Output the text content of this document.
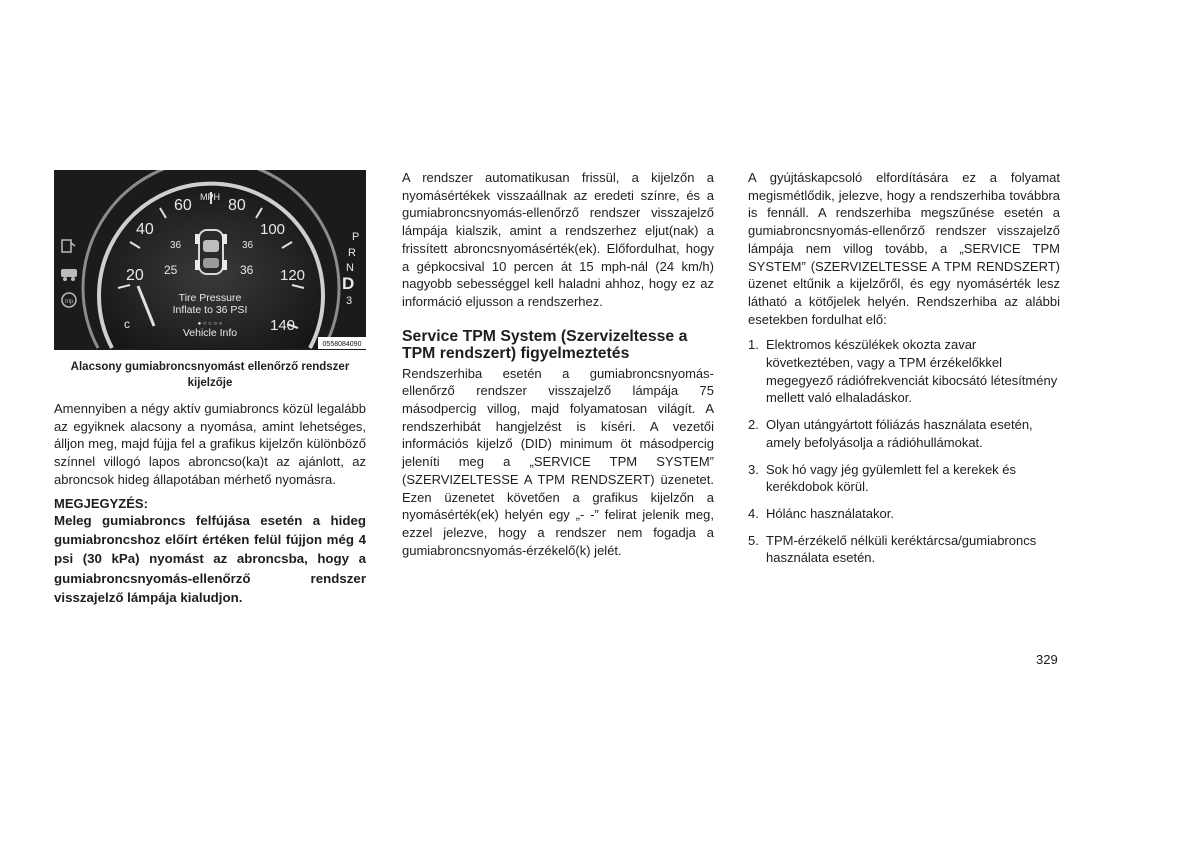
20
40
60 80
100
120
140
MPH
36	36
25	36
Tire Pressure
Inflate to 36 PSI
● ○ ○ ○ ○
Vehicle Info
c
trip
P
R
N
D
3
0558084090
Alacsony gumiabroncsnyomást ellenőrző rendszer kijelzője

Amennyiben a négy aktív gumiabroncs közül legalább az egyiknek alacsony a nyomása, amint lehetséges, álljon meg, majd fújja fel a grafikus kijelzőn különböző színnel villogó lapos abroncso(ka)t az ajánlott, az abroncsok hideg állapotában mérhető nyomásra.

MEGJEGYZÉS:

Meleg gumiabroncs felfújása esetén a hideg gumiabroncshoz előírt értéken felül fújjon még 4 psi (30 kPa) nyomást az abroncsba, hogy a gumiabroncsnyomás-ellenőrző rendszer visszajelző lámpája kialudjon.

A rendszer automatikusan frissül, a kijelzőn a nyomásértékek visszaállnak az eredeti színre, és a gumiabroncsnyomás-ellenőrző rendszer visszajelző lámpája kialszik, amint a rendszerhez eljut(nak) a frissített abroncsnyomásérték(ek). Előfordulhat, hogy a gépkocsival 10 percen át 15 mph-nál (24 km/h) nagyobb sebességgel kell haladni ahhoz, hogy ez az információ eljusson a rendszerhez.

Service TPM System (Szervizeltesse a TPM rendszert) figyelmeztetés

Rendszerhiba esetén a gumiabroncsnyomás-ellenőrző rendszer visszajelző lámpája 75 másodpercig villog, majd folyamatosan világít. A rendszerhibát hangjelzést is kíséri. A vezetői információs kijelző (DID) minimum öt másodpercig jeleníti meg a „SERVICE TPM SYSTEM” (SZERVIZELTESSE A TPM RENDSZERT) üzenetet. Ezen üzenetet követően a grafikus kijelzőn a nyomásérték(ek) helyén egy „- -” felirat jelenik meg, ezzel jelezve, hogy a rendszer nem fogadja a gumiabroncsnyomás-érzékelő(k) jelét.

A gyújtáskapcsoló elfordítására ez a folyamat megismétlődik, jelezve, hogy a rendszerhiba továbbra is fennáll. A rendszerhiba megszűnése esetén a gumiabroncsnyomás-ellenőrző rendszer visszajelző lámpája nem villog tovább, a „SERVICE TPM SYSTEM” (SZERVIZELTESSE A TPM RENDSZERT) üzenet eltűnik a kijelzőről, és egy nyomásérték lesz látható a kötőjelek helyén. Rendszerhiba az alábbi esetekben fordulhat elő:

1. Elektromos készülékek okozta zavar következtében, vagy a TPM érzékelőkkel megegyező rádiófrekvenciát kibocsátó létesítmény mellett való elhaladáskor.
2. Olyan utángyártott fóliázás használata esetén, amely befolyásolja a rádióhullámokat.
3. Sok hó vagy jég gyülemlett fel a kerekek és kerékdobok körül.
4. Hólánc használatakor.
5. TPM-érzékelő nélküli keréktárcsa/gumiabroncs használata esetén.
329
